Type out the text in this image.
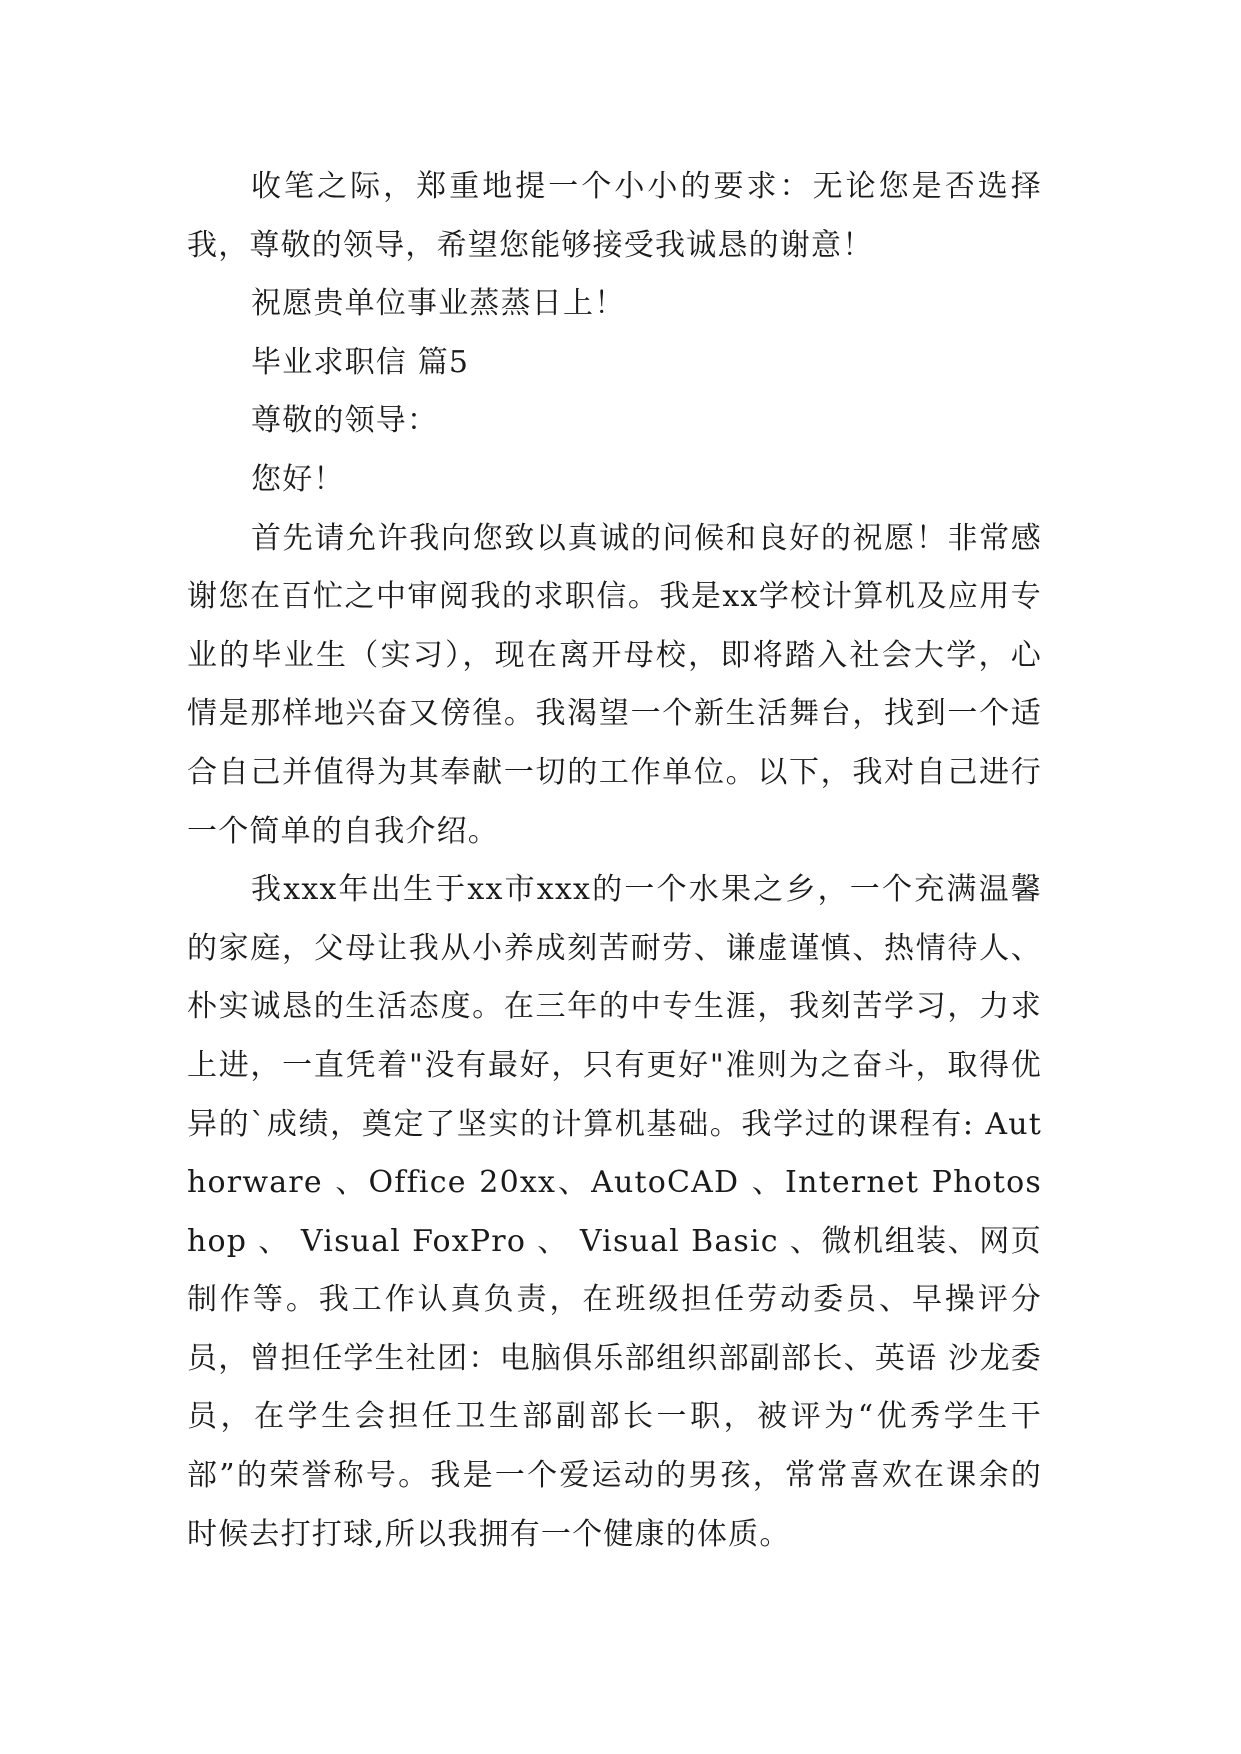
收笔之际，郑重地提一个小小的要求：无论您是否选择我，尊敬的领导，希望您能够接受我诚恳的谢意！

祝愿贵单位事业蒸蒸日上！

毕业求职信 篇5

尊敬的领导：

您好！

首先请允许我向您致以真诚的问候和良好的祝愿！非常感谢您在百忙之中审阅我的求职信。我是xx学校计算机及应用专业的毕业生（实习），现在离开母校，即将踏入社会大学，心情是那样地兴奋又傍徨。我渴望一个新生活舞台，找到一个适合自己并值得为其奉献一切的工作单位。以下，我对自己进行一个简单的自我介绍。

我xxx年出生于xx市xxx的一个水果之乡，一个充满温馨的家庭，父母让我从小养成刻苦耐劳、谦虚谨慎、热情待人、朴实诚恳的生活态度。在三年的中专生涯，我刻苦学习，力求上进，一直凭着"没有最好，只有更好"准则为之奋斗，取得优异的`成绩，奠定了坚实的计算机基础。我学过的课程有: Authorware 、Office 20xx、AutoCAD 、Internet Photoshop 、 Visual FoxPro 、 Visual Basic 、微机组装、网页制作等。我工作认真负责，在班级担任劳动委员、早操评分员，曾担任学生社团：电脑俱乐部组织部副部长、英语 沙龙委员，在学生会担任卫生部副部长一职，被评为“优秀学生干部”的荣誉称号。我是一个爱运动的男孩，常常喜欢在课余的时候去打打球,所以我拥有一个健康的体质。
